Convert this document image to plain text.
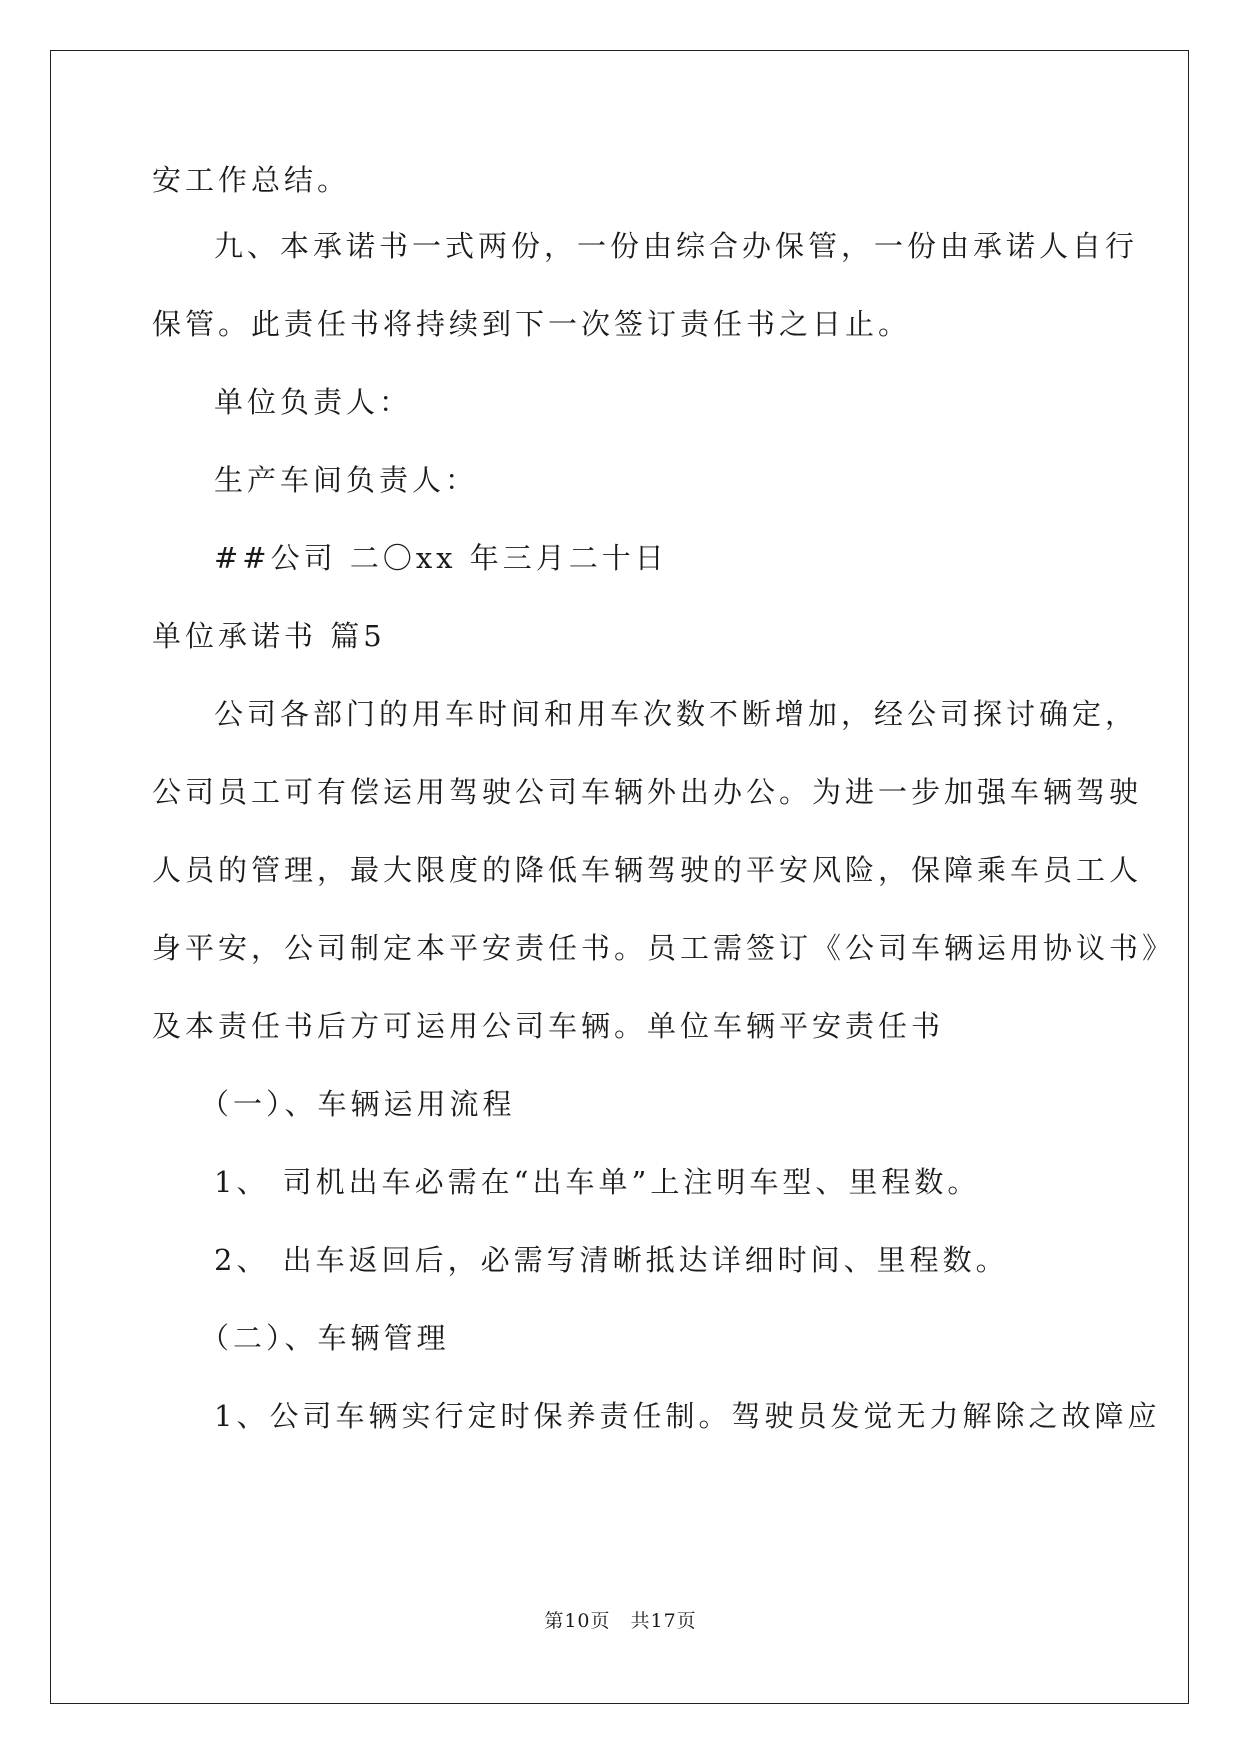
安工作总结。
九、本承诺书一式两份，一份由综合办保管，一份由承诺人自行
保管。此责任书将持续到下一次签订责任书之日止。
单位负责人：
生产车间负责人：
##公司 二〇xx 年三月二十日
单位承诺书 篇5
公司各部门的用车时间和用车次数不断增加，经公司探讨确定，
公司员工可有偿运用驾驶公司车辆外出办公。为进一步加强车辆驾驶
人员的管理，最大限度的降低车辆驾驶的平安风险，保障乘车员工人
身平安，公司制定本平安责任书。员工需签订《公司车辆运用协议书》
及本责任书后方可运用公司车辆。单位车辆平安责任书
（一）、车辆运用流程
1、 司机出车必需在“出车单”上注明车型、里程数。
2、 出车返回后，必需写清晰抵达详细时间、里程数。
（二）、车辆管理
1、公司车辆实行定时保养责任制。驾驶员发觉无力解除之故障应
第10页　共17页
